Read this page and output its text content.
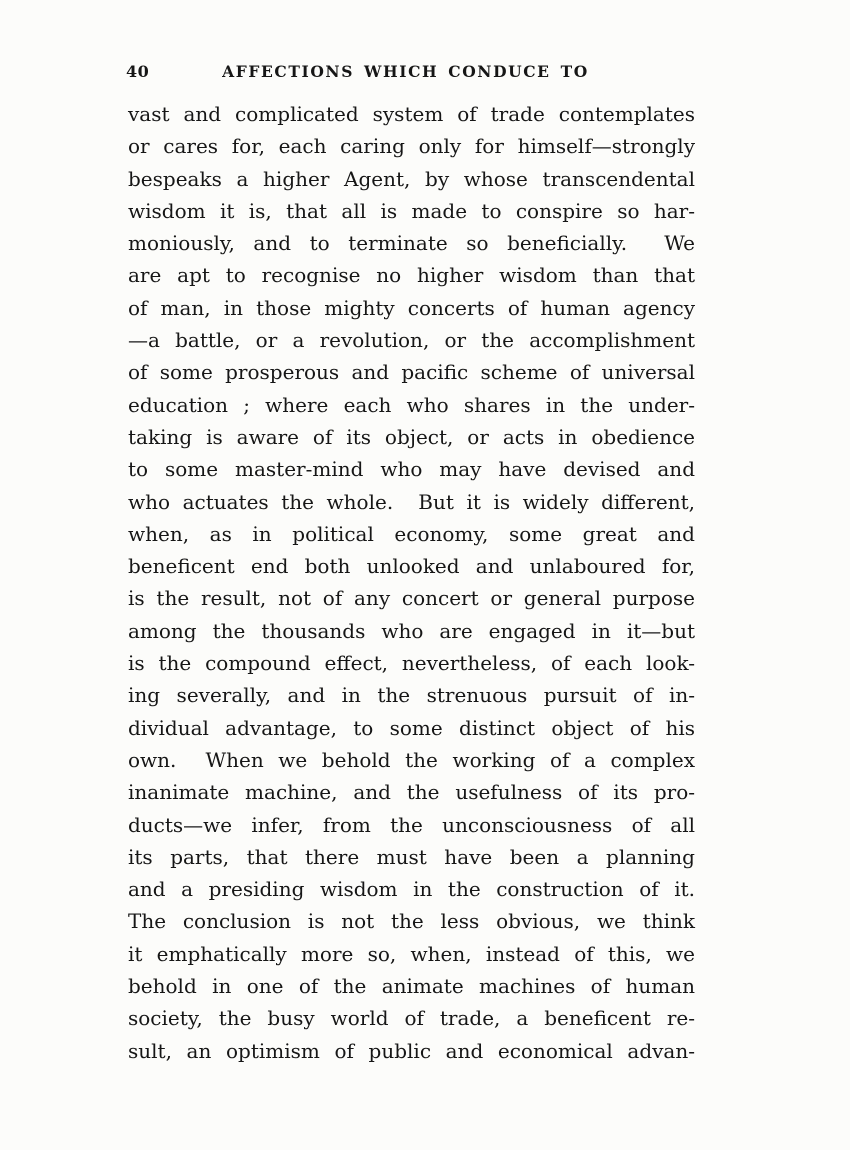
40	AFFECTIONS WHICH CONDUCE TO
vast and complicated system of trade contemplates
or cares for, each caring only for himself—strongly
bespeaks a higher Agent, by whose transcendental
wisdom it is, that all is made to conspire so har-
moniously, and to terminate so beneficially.  We
are apt to recognise no higher wisdom than that
of man, in those mighty concerts of human agency
—a battle, or a revolution, or the accomplishment
of some prosperous and pacific scheme of universal
education ; where each who shares in the under-
taking is aware of its object, or acts in obedience
to some master-mind who may have devised and
who actuates the whole.  But it is widely different,
when, as in political economy, some great and
beneficent end both unlooked and unlaboured for,
is the result, not of any concert or general purpose
among the thousands who are engaged in it—but
is the compound effect, nevertheless, of each look-
ing severally, and in the strenuous pursuit of in-
dividual advantage, to some distinct object of his
own.  When we behold the working of a complex
inanimate machine, and the usefulness of its pro-
ducts—we infer, from the unconsciousness of all
its parts, that there must have been a planning
and a presiding wisdom in the construction of it.
The conclusion is not the less obvious, we think
it emphatically more so, when, instead of this, we
behold in one of the animate machines of human
society, the busy world of trade, a beneficent re-
sult, an optimism of public and economical advan-
